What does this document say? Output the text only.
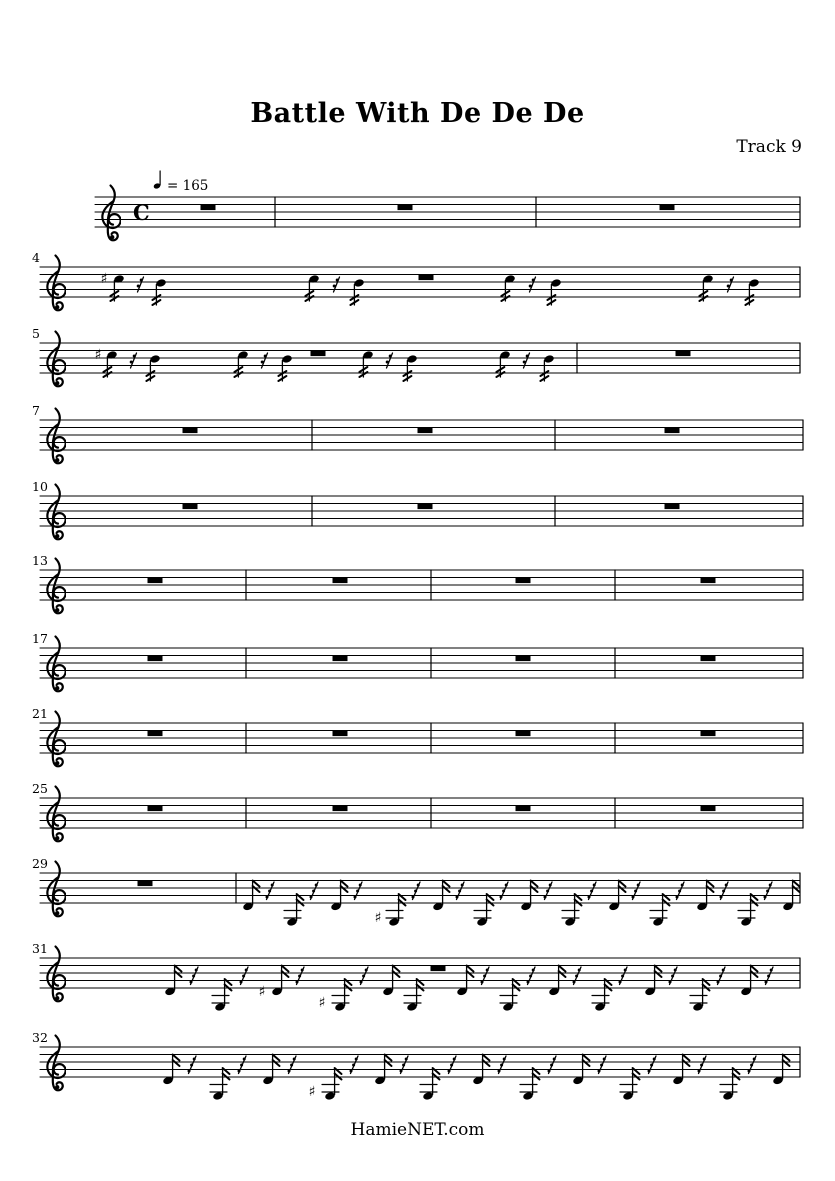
Battle With De De De
Track 9
C
= 165
4
♯
5
♯
7
10
13
17
21
25
29
♯
31
♯
♯
32
♯
HamieNET.com
